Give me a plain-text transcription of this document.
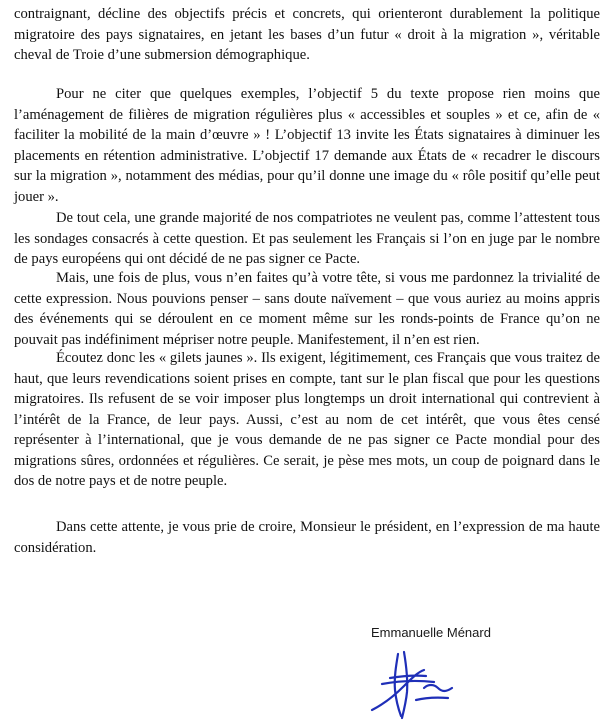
contraignant, décline des objectifs précis et concrets, qui orienteront durablement la politique migratoire des pays signataires, en jetant les bases d’un futur « droit à la migration », véritable cheval de Troie d’une submersion démographique.

Pour ne citer que quelques exemples, l’objectif 5 du texte propose rien moins que l’aménagement de filières de migration régulières plus « accessibles et souples » et ce, afin de « faciliter la mobilité de la main d’œuvre » ! L’objectif 13 invite les États signataires à diminuer les placements en rétention administrative. L’objectif 17 demande aux États de « recadrer le discours sur la migration », notamment des médias, pour qu’il donne une image du « rôle positif qu’elle peut jouer ».

De tout cela, une grande majorité de nos compatriotes ne veulent pas, comme l’attestent tous les sondages consacrés à cette question. Et pas seulement les Français si l’on en juge par le nombre de pays européens qui ont décidé de ne pas signer ce Pacte.

Mais, une fois de plus, vous n’en faites qu’à votre tête, si vous me pardonnez la trivialité de cette expression. Nous pouvions penser – sans doute naïvement – que vous auriez au moins appris des événements qui se déroulent en ce moment même sur les ronds-points de France qu’on ne pouvait pas indéfiniment mépriser notre peuple. Manifestement, il n’en est rien.

Écoutez donc les « gilets jaunes ». Ils exigent, légitimement, ces Français que vous traitez de haut, que leurs revendications soient prises en compte, tant sur le plan fiscal que pour les questions migratoires. Ils refusent de se voir imposer plus longtemps un droit international qui contrevient à l’intérêt de la France, de leur pays. Aussi, c’est au nom de cet intérêt, que vous êtes censé représenter à l’international, que je vous demande de ne pas signer ce Pacte mondial pour des migrations sûres, ordonnées et régulières. Ce serait, je pèse mes mots, un coup de poignard dans le dos de notre pays et de notre peuple.

Dans cette attente, je vous prie de croire, Monsieur le président, en l’expression de ma haute considération.

Emmanuelle Ménard
